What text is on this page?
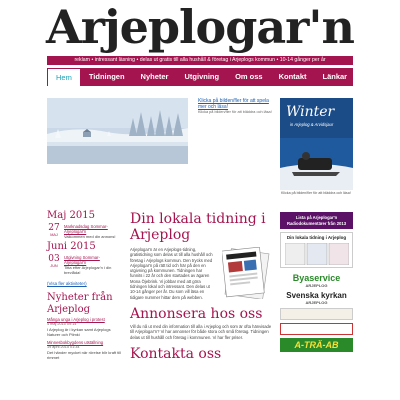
Arjeplogar'n
reklam • intressant läsning • delas ut gratis till alla hushåll & företag i Arjeplogs kommun • 10-14 gånger per år
Hem	Tidningen	Nyheter	Utgivning	Om oss	Kontakt	Länkar
Klicka på bilden/fler för att spela mer och läsa!
Klicka på bilden/fler för att bläddra och läsa! Winter
in Arjeplog & Arvidsjaur
Klicka på bilden/fler för att bläddra och läsa!
Maj 2015
27
MAJ
Marknadsdag Sommar-Arjeplogar'n
Valkommen med din annons!
Juni 2015
03
JUN
Utgivning Sommar-Arjeplogar'n
Titta efter Arjeplogar'n i din brevlåda!
(Visa fler aktiviteter)
Nyheter från Arjeplog
Många unga i Arjeplog i protest
4 maj 2015 09:14
I Arjeplog är i kyrkan samt Arjeplogs Naturer och Pilmki
Minnesbokbygdens utställning
19 april 2015 01:34
Det händer mycket när rörelse blir kraft till rimmet
Din lokala tidning i Arjeplog
Arjeplogar'n är en Arjeplogs-tidning, gratistidning som delas ut till alla hushåll och företag i Arjeplogs kommun. Den trycks med Arjeplogar'n på rätt tid och här på den en utgivning på kommunen. Tidningen har funnits i 22 år och den startades av ägaren Mona Öjebrink. Vi jobbar med att göra tidningen lokal och intressant. Den delas ut 10-14 gånger per år. Du som vill läsa en tidigare nummer hittar dem på webben.
Annonsera hos oss
Vill du nå ut med din information till alla i Arjeplog och som är ofta hänvisade till Arjeplogar'n? Vi har annonser för både stora och små företag. Tidningen delas ut till hushåll och företag i kommunen. Vi har fler priser.
Kontakta oss
Lista på Arjeplogar'n Radiodokumentärer från 2013
Din lokala tidning i Arjeplog
Byaservice
ARJEPLOG
Svenska kyrkan
ARJEPLOG
A-TRÄ-AB
